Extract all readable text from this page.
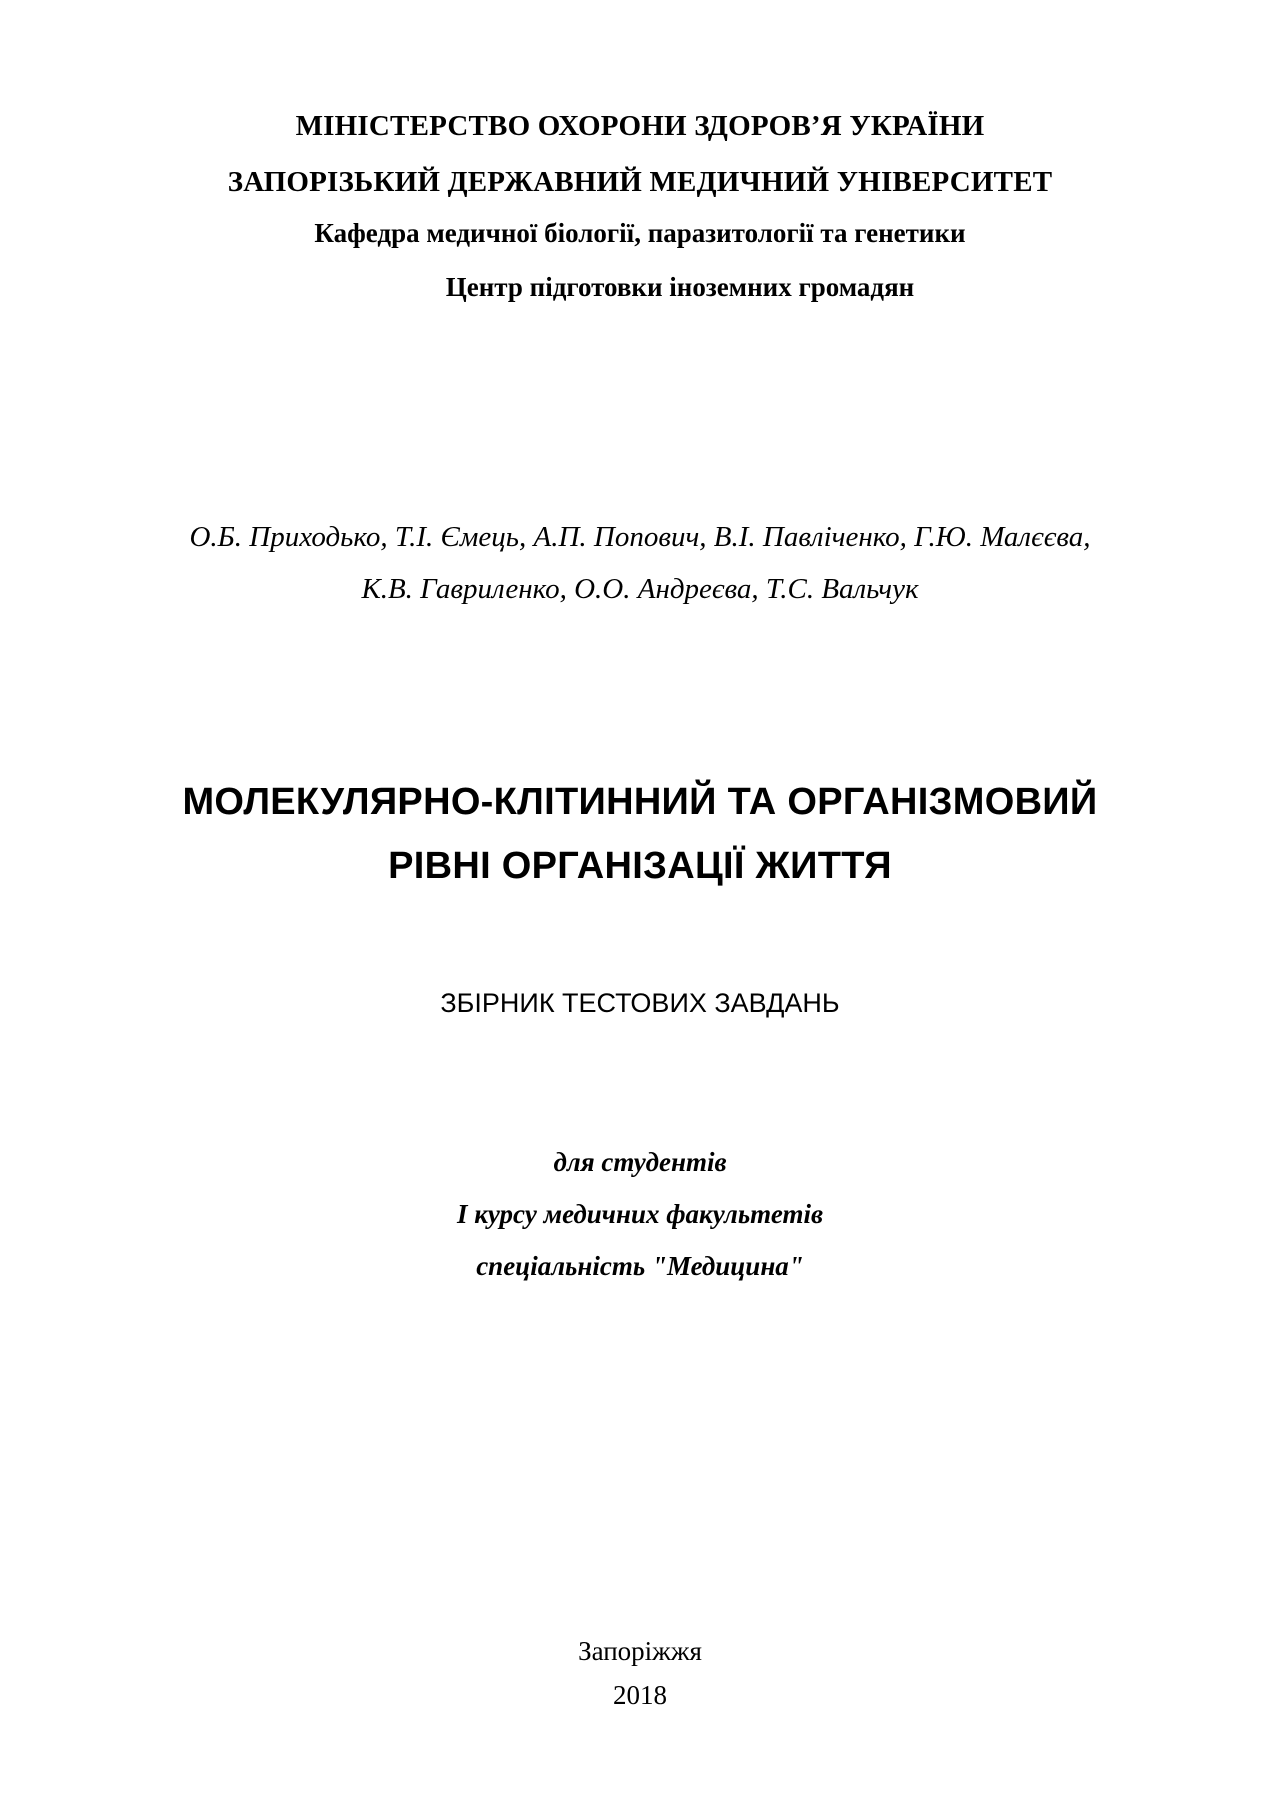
МІНІСТЕРСТВО ОХОРОНИ ЗДОРОВ’Я УКРАЇНИ
ЗАПОРІЗЬКИЙ ДЕРЖАВНИЙ МЕДИЧНИЙ УНІВЕРСИТЕТ
Кафедра медичної біології, паразитології та генетики
Центр підготовки іноземних громадян
О.Б. Приходько, Т.І. Ємець, А.П. Попович, В.І. Павліченко, Г.Ю. Малєєва,
К.В. Гавриленко, О.О. Андреєва, Т.С. Вальчук
МОЛЕКУЛЯРНО-КЛІТИННИЙ ТА ОРГАНІЗМОВИЙ
РІВНІ ОРГАНІЗАЦІЇ ЖИТТЯ
ЗБІРНИК ТЕСТОВИХ ЗАВДАНЬ
для студентів
І курсу медичних факультетів
спеціальність "Медицина"
Запоріжжя
2018
